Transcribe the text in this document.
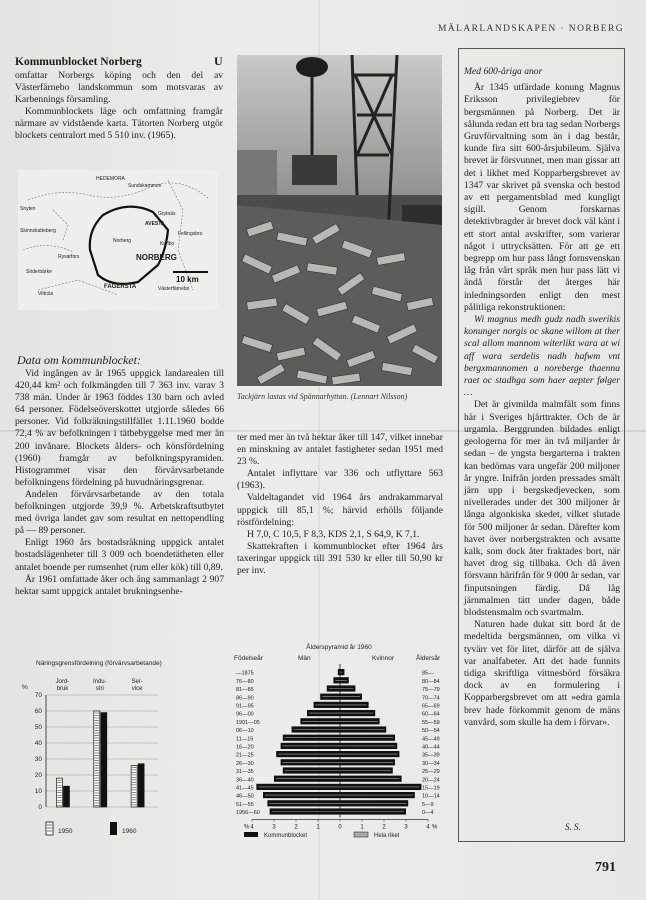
MÄLARLANDSKAPEN · NORBERG
Kommunblocket Norberg	U

omfattar Norbergs köping och den del av Västerfärnebo landskommun som motsvaras av Karbennings församling.

Kommunblockets läge och omfattning framgår närmare av vidstående karta. Tätorten Norberg utgör blockets centralort med 5 510 inv. (1965).

HEDEMORA
Sundskammon
AVESTA
Grytnäs
Snyten
Fellingsbro
Skinnskatteberg
Norberg	Krylbo
NORBERG
FAGERSTA
Söderbärke
Västerfärnebo
Vittnäs
Rysarfors
10 km
Data om kommunblocket:

Vid ingången av år 1965 uppgick landarealen till 420,44 km² och folkmängden till 7 363 inv. varav 3 738 män. Under år 1963 föddes 130 barn och avled 64 personer. Födelseöverskottet utgjorde således 66 personer. Vid folkräkningstillfället 1.11.1960 bodde 72,4 % av befolkningen i tätbebyggelse med mer än 200 invånare. Blockets ålders- och könsfördelning (1960) framgår av befolkningspyramiden. Histogrammet visar den förvärvsarbetande befolkningens fördelning på huvudnäringsgrenar.

Andelen förvärvsarbetande av den totala befolkningen utgjorde 39,9 %. Arbetskraftsutbytet med övriga landet gav som resultat en nettopendling på — 89 personer.

Enligt 1960 års bostadsräkning uppgick antalet bostadslägenheter till 3 009 och boendetätheten eller antalet boende per rumsenhet (rum eller kök) till 0,89.

År 1961 omfattade åker och äng sammanlagt 2 907 hektar samt uppgick antalet brukningsenhe-

Tackjärn lastas vid Spännarhyttan. (Lennart Nilsson)

ter med mer än två hektar åker till 147, vilket innebar en minskning av antalet fastigheter sedan 1951 med 23 %.

Antalet inflyttare var 336 och utflyttare 563 (1963).

Valdeltagandet vid 1964 års andrakammarval uppgick till 85,1 %; härvid erhölls följande röstfördelning:

H 7,0, C 10,5, F 8,3, KDS 2,1, S 64,9, K 7,1.

Skattekraften i kommunblocket efter 1964 års taxeringar uppgick till 391 530 kr eller till 50,90 kr per inv.

Näringsgrensfördelning (förvärvsarbetande)
%
0
10
20
30
40
50
60
70
Jord-
bruk
Indu-
stri
Ser-
vice
1950	1960
Ålderspyramid år 1960
Födelseår	Åldersår
Män	Kvinnor
—1875
76—80
81—85
86—90
91—95
96—00
1901—05
06—10
11—15
16—20
21—25
26—30
31—35
36—40
41—45
46—50
51—55
1956—60
85—
80—84
75—79
70—74
65—69
60—64
55—59
50—54
45—49
40—44
35—39
30—34
25—29
20—24
15—19
10—14
5—9
0—4
4	3	2	1	0	1	2	3	4
%	%
Kommunblocket	Hela riket
Med 600-åriga anor

År 1345 utfärdade konung Magnus Eriksson privilegiebrev för bergsmännen på Norberg. Det är sålunda redan ett bra tag sedan Norbergs Gruvförvaltning som än i dag består, kunde fira sitt 600-årsjubileum. Själva brevet är försvunnet, men man gissar att det i likhet med Kopparbergsbrevet av 1347 var skrivet på svenska och bestod av ett pergamentsblad med kungligt sigill. Genom forskarnas detektivbragder är brevet dock väl känt i ett stort antal avskrifter, som varierar något i uttrycksätten. För att ge ett begrepp om hur pass långt fornsvenskan låg från vårt språk men hur pass lätt vi ändå förstår det återges här inledningsorden enligt den mest pålitliga rekonstruktionen:

Wi magnus medh gudz nadh swerikis konunger norgis oc skane willom at ther scal allom mannom witerlikt wara at wi aff wara serdelis nadh hafwm vnt bergxmannomen a noreberge thaenna raet oc stadhga som haer aepter følger …

Det är givmilda malmfält som finns här i Sveriges hjärttrakter. Och de är urgamla. Berggrunden bildades enligt geologerna för mer än två miljarder år sedan – de yngsta bergarterna i trakten kan bedömas vara ungefär 200 miljoner år yngre. Inifrån jorden pressades smält järn upp i bergskedjevecken, som nivellerades under det 300 miljoner år långa algonkiska skedet, vilket slutade för 500 miljoner år sedan. Därefter kom havet över norbergstrakten och avsatte kalk, som dock åter fraktades bort, när havet drog sig tillbaka. Och då även försvann härifrån för 9 000 år sedan, var finputsningen färdig. Då låg järnmalmen tätt under dagen, både blodstensmalm och svartmalm.

Naturen hade dukat sitt bord åt de medeltida bergsmännen, om vilka vi tyvärr vet för litet, därför att de själva var analfabeter. Att det hade funnits tidiga skriftliga vittnesbörd försäkra dock av en formulering i Kopparbergsbrevet om att »edra gamla brev hade förkommit genom de mäns vanvård, som skulle ha dem i förvar».

S. S.
791
